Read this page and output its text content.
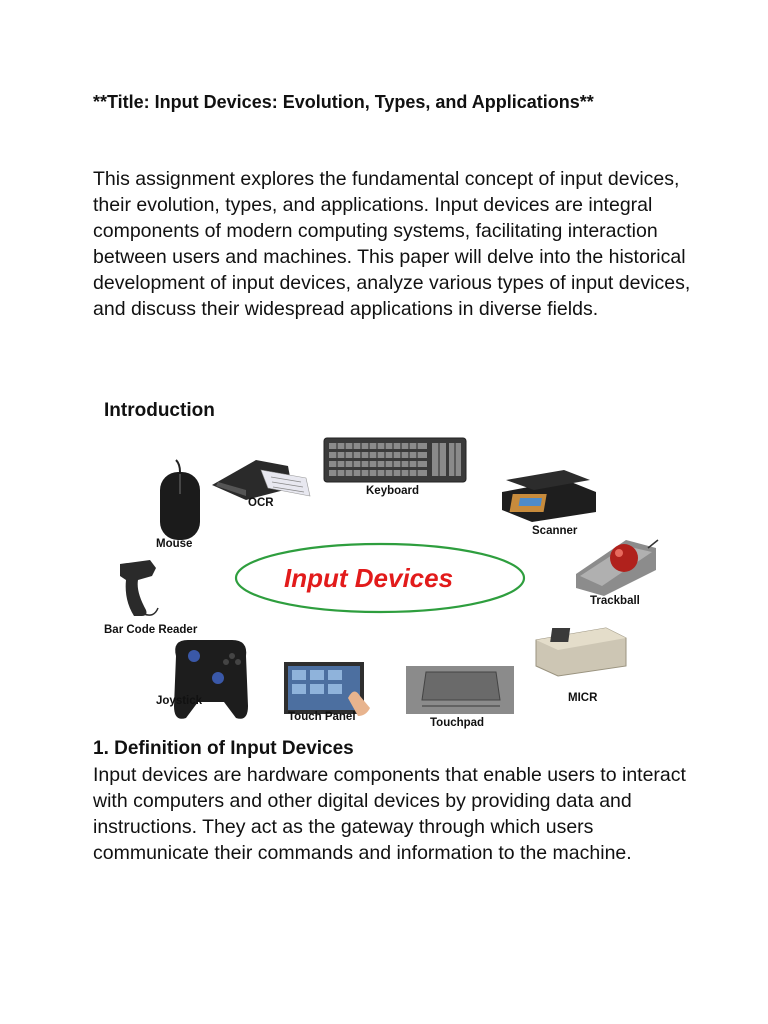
**Title: Input Devices: Evolution, Types, and Applications**

This assignment explores the fundamental concept of input devices, their evolution, types, and applications. Input devices are integral components of modern computing systems, facilitating interaction between users and machines. This paper will delve into the historical development of input devices, analyze various types of input devices, and discuss their widespread applications in diverse fields.

Introduction
Mouse
OCR
Keyboard
Scanner
Trackball
Input Devices
Bar Code Reader
Joystick
Touch Panel	Touchpad
MICR
1. Definition of Input Devices

Input devices are hardware components that enable users to interact with computers and other digital devices by providing data and instructions. They act as the gateway through which users communicate their commands and information to the machine.
